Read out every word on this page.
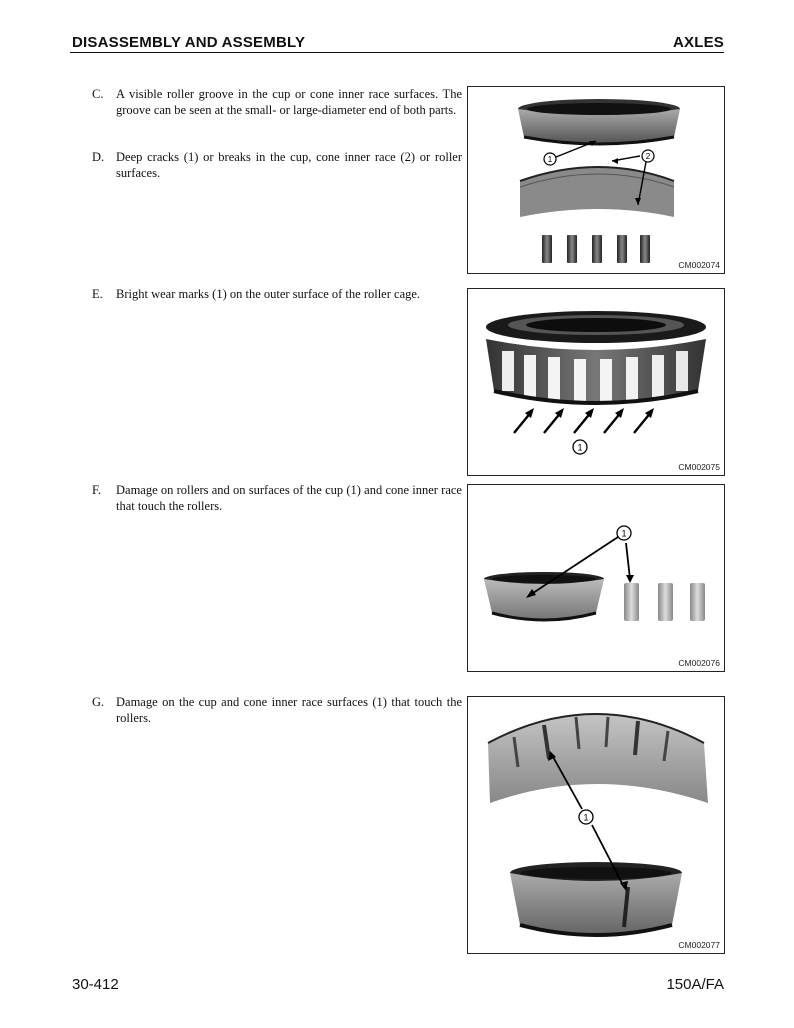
DISASSEMBLY AND ASSEMBLY	AXLES
C. A visible roller groove in the cup or cone inner race surfaces. The groove can be seen at the small- or large-diameter end of both parts.
D. Deep cracks (1) or breaks in the cup, cone inner race (2) or roller surfaces.
E. Bright wear marks (1) on the outer surface of the roller cage.
F. Damage on rollers and on surfaces of the cup (1) and cone inner race that touch the rollers.
G. Damage on the cup and cone inner race surfaces (1) that touch the rollers.
1	2
CM002074
1
CM002075
1
CM002076
1
CM002077
30-412	150A/FA
